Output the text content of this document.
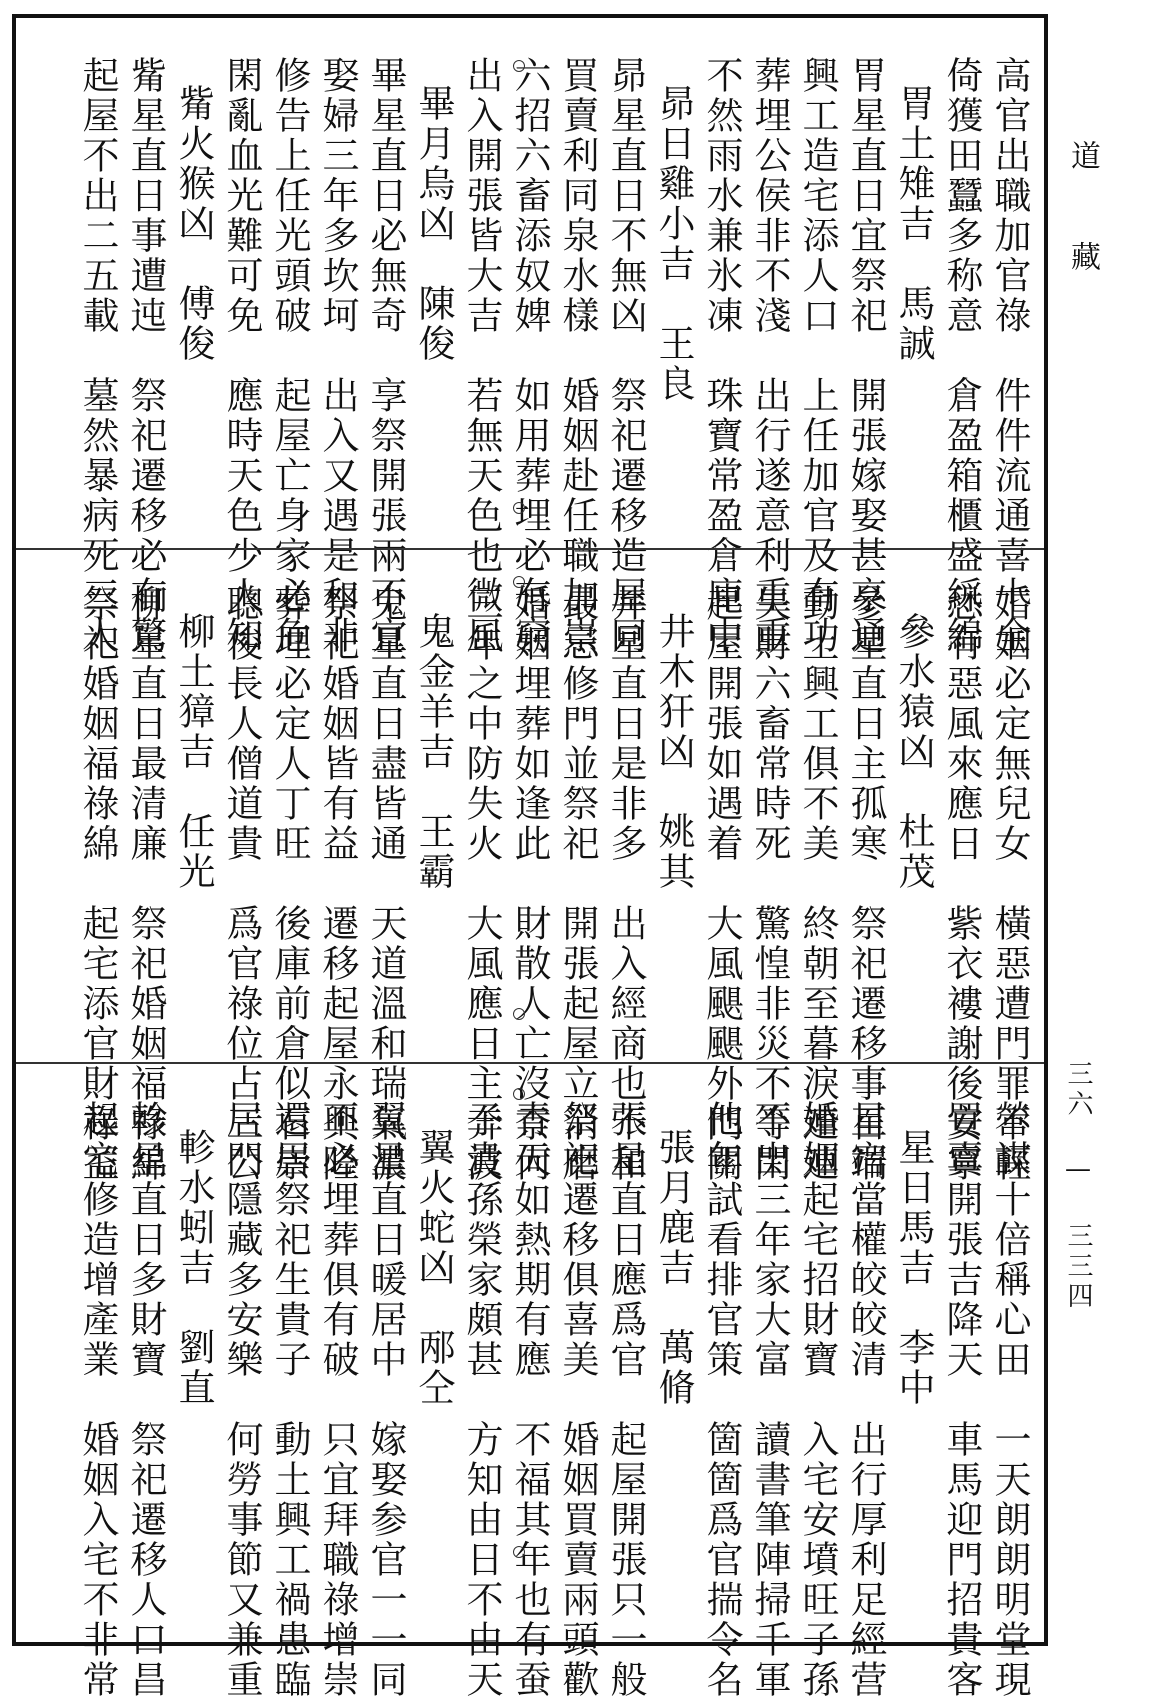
高官出職加官祿　件件流通喜十全
倚獲田蠶多称意　倉盈箱櫃盛綵綿
胃土雉吉　馬誠
胃星直日宜祭祀　開張嫁娶甚亨通
興工造宅添人口　上任加官及有功
葬埋公侯非不淺　出行遂意利重重
不然雨水兼氷凍　珠寶常盈倉庫中
昴日雞小吉　王良
昴星直日不無凶　祭祀遷移造屋同
買賣利同泉水樣　婚姻赴任職加崇
六招六畜添奴婢　如用葬埋必有窮
出入開張皆大吉　若無天色也微風
畢月烏凶　陳俊
畢星直日必無奇　享祭開張兩不宜
娶婦三年多坎坷　出入又遇是和非
修告上任光頭破　起屋亡身家必危
閑亂血光難可免　應時天色少人知
觜火猴凶　傅俊
觜星直日事遭迍　祭祀遷移必有驚
起屋不出二五載　墓然暴病死三人
婚姻必定無兒女　橫惡遭門罪不輕
恐有惡風來應日　紫衣褸謝後安寧
參水猿凶　杜茂
參星直日主孤寒　祭祀遷移事百端
動土興工俱不美　終朝至暮淚連連
失財六畜常時死　驚惶非災不等閑
起屋開張如遇着　大風颶颶外門關
井木犴凶　姚其
井星直日是非多　出入經商也不和
最忌修門並祭祀　開張起屋立消磨
婚姻埋葬如逢此　財散人亡沒柰何
三年之中防失火　大風應日主奔波
鬼金羊吉　王霸
鬼星直日盡皆通　天道溫和瑞氣濃
祭祀婚姻皆有益　遷移起屋永興隆
葬埋必定人丁旺　後庫前倉似石崇
聰俊長人僧道貴　爲官祿位占三公
柳土獐吉　任光
柳星直日最清廉　祭祀婚姻福祿綿
祭祀婚姻福祿綿　起宅添官財祿益
營謀十倍稱心田　一天朗朗明堂現
買賣開張吉降天　車馬迎門招貴客
星日馬吉　李中
星宿當權皎皎清　出行厚利足經营
婚姻起宅招財寶　入宅安墳旺子孫
不出三年家大富　讀書筆陣掃千軍
他年試看排官策　箇箇爲官揣令名
張月鹿吉　萬脩
張星直日應爲官　起屋開張只一般
祭祀遷移俱喜美　婚姻買賣兩頭歡
青天如熱期有應　不福其年也有蚕
子貴孫榮家頗甚　方知由日不由天
翼火蛇凶　邴仝
翼星直日暖居中　嫁娶参官一一同
不必埋葬俱有破　只宜拜職祿增崇
還居祭祀生貴子　動土興工禍患臨
居門隱藏多安樂　何勞事節又兼重
軫水蚓吉　劉直
軫星直日多財寶　祭祀遷移人口昌
起宅修造增產業　婚姻入宅不非常
道 藏
三六 — 三三四
